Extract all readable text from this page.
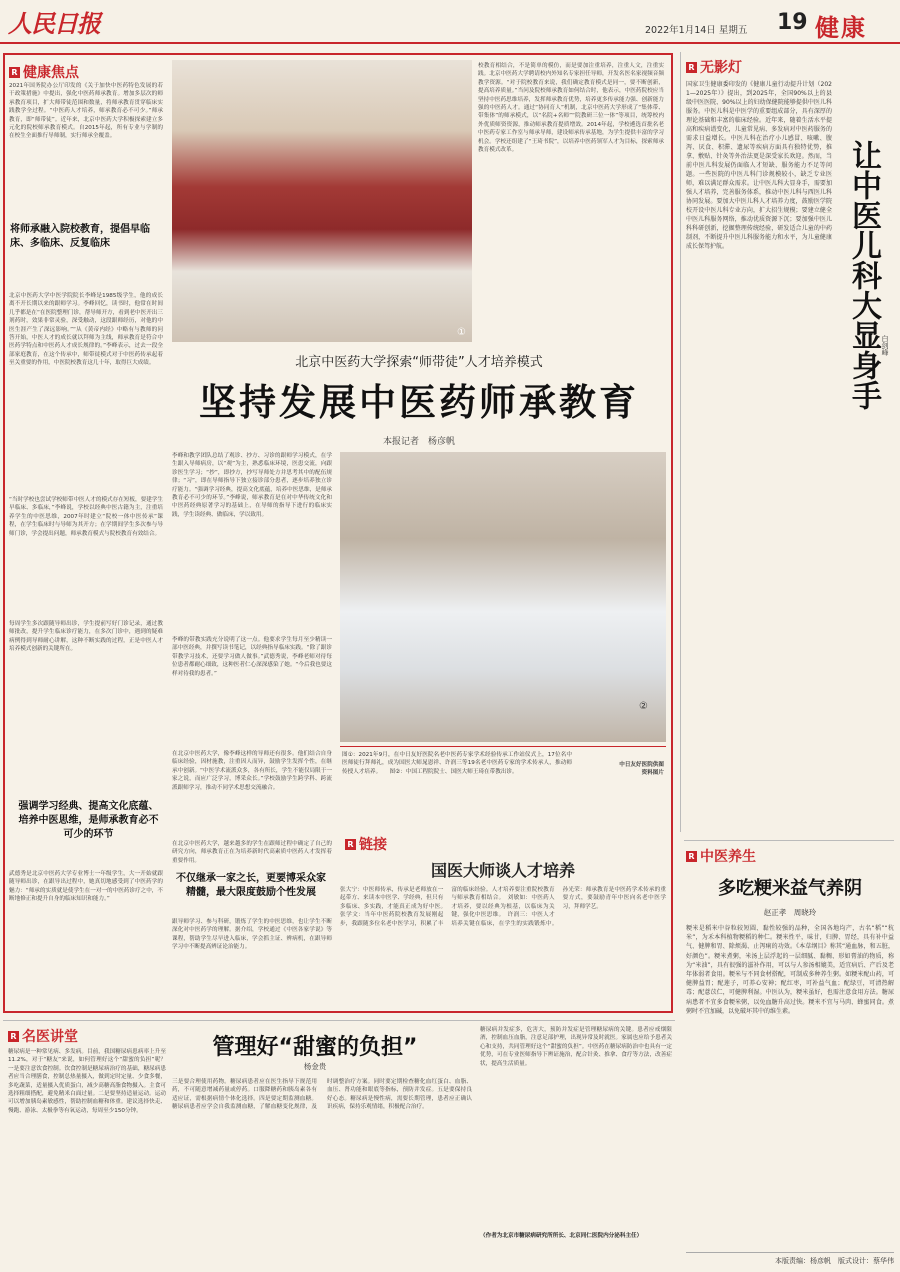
人民日报	2022年1月14日 星期五 19 健康
R 健康焦点
2021年国务院办公厅印发的《关于加快中医药特色发展的若干政策措施》中提出，强化中医药师承教育。增加多层次的师承教育项目，扩大师带徒范围和数量，将师承教育贯穿临床实践教学全过程。“中医药人才培养，师承教育必不可少。”师承教育，即“师带徒”。近年来，北京中医药大学积极探索建立多元化的院校师承教育模式。自2015年起，所有专业与学制的在校生全面推行导师制，实行师承全覆盖。
将师承融入院校教育，提倡早临床、多临床、反复临床
北京中医药大学中医学院院长李峰是1985级学生，他的成长离不开长期以来的跟师学习。李峰回忆，读书时，他常在时间几乎都是在“在医院整理门诊，帮导师开方，看到老中医开出三剂药时，效果非常灵验，深受触动，这段跟师经历，对他的中医生涯产生了深远影响。”“从《黄帝内经》中略有与教师的问答开始，中医人才的成长就以拜师为主线，师承教育是符合中医药学特点和中医药人才成长规律的。”李峰表示，过去一段全部家庭教育，在这个传承中，师带徒模式对于中医药传承起着至关重要的作用，中医院校教育这几十年，取得巨大成绩。
“当时学校也尝试学校师带中医人才的模式存在短板，要建学生早临床、多临床，”李峰说，学校以经典中医古籍为主，注重培养学生的中医思维，2007年时建立“院校一体中医传承”课程，在学生临床时与导师为其开方；在学期间学生多次参与导师门诊，学会提出问题，师承教育模式与院校教育有效结合。
每周学生多次跟随导师出诊，学生提前写好门诊记录，通过教师批改，提升学生临床诊疗能力，在多次门诊中，遇到的疑难病例得到导师耐心讲解，这种不断实践的过程，正是中医人才培养模式创新的关键所在。
强调学习经典、提高文化底蕴、培养中医思维，是师承教育必不可少的环节
武德秀是北京中医药大学专业博士一年级学生，大一开始就跟随导师出诊，在跟导出过程中，她真切地感受到了中医药学的魅力：“师承的实质就是使学生在一对一的中医药诊疗之中，不断地修正和提升自身的临床知识和能力。”
①
校教育相结合，不是简单的模仿，而是要加注重培养，注重人文，注重实践。北京中医药大学聘请校内外知名专家担任导师，开发名医名家视频音频教学资源。“对于院校教育来说，我们确定教育模式是同一，要不断创新，提高培养质量。”当问及院校师承教育如何结合时，他表示，中医药院校应当坚持中医药思维培养，发挥师承教育优势，培养更多传承能力强、创新能力强的中医药人才。通过“协同育人”机制，北京中医药大学形成了“集体带、带集体”的师承模式，以“名院+名师”“院教研三位一体”等项目，统筹校内外优质师资资源，推动师承教育提质增效。2014年起，学校遴选首批名老中医药专家工作室与师承导师，建设师承传承基地，为学生提供丰富的学习机会。学校还组建了“王琦书院”，以培养中医药领军人才为目标，探索师承教育模式改革。
北京中医药大学探索“师带徒”人才培养模式
坚持发展中医药师承教育
本报记者　杨彦帆
李峰和教学团队总结了观诊、抄方、习诊的跟师学习模式，在学生跟入导师病房，以“观”为主，熟悉临床环境，医患交流，向跟诊医生学习；“抄”，即抄方，抄写导师处方并思考其中的配伍规律；“习”，即在导师指导下独立接诊部分患者，逐步培养独立诊疗能力。“强调学习经典，提高文化底蕴，培养中医思维，是师承教育必不可少的环节。”李峰说，师承教育是在对中华传统文化和中医药经典原著学习的基础上，在导师的指导下进行的临床实践，学生读经典、做临床，学以致用。
李峰的带教实践充分说明了这一点。他要求学生每月至少精读一部中医经典，并撰写读书笔记，以经典指导临床实践。“除了跟诊带教学习技术，还要学习做人做事。”武德秀说，李峰老师对待每位患者都耐心细致，这种医者仁心深深感染了她。“今后我也要这样对待我的患者。”
在北京中医药大学，像李峰这样的导师还有很多。他们结合自身临床经验，因材施教，注重因人而异，鼓励学生发挥个性，在继承中创新。“中医学术流派众多，各有所长，学生不能仅局限于一家之说，而应广泛学习，博采众长。”学校鼓励学生跨学科、跨流派跟师学习，推动不同学术思想交流融合。
在北京中医药大学，越来越多的学生在跟师过程中确定了自己的研究方向，师承教育正在为培养新时代高素质中医药人才发挥着重要作用。
不仅继承一家之长，更要博采众家精髓，最大限度鼓励个性发展
跟导师学习、参与科研，锻炼了学生的中医思维，也让学生不断深化对中医药学的理解。据介绍，学校通过《中医各家学说》等课程，帮助学生尽早进入临床，学会抓主证、辨病机，在跟导师学习中不断提高辨证论治能力。
②
图①：2021年9月，在中日友好医院名老中医药专家学术经验传承工作站仪式上，17位名中医师徒行拜师礼，成为国医大师晁恩祥、许润三等19名老中医药专家的学术传承人，推动师传授人才培养。　　图②：中国工程院院士、国医大师王琦在带教出诊。
中日友好医院供图
资料图片
R 链接
国医大师谈人才培养
张大宁：中医师传承，传承是老师放在一起带方、来读本中医学、学经典，但只有多临床、多实践，才能真正成为好中医。　张学文：当年中医药院校教育发展刚起步，我跟随多位名老中医学习，积累了丰富的临床经验。人才培养要注重院校教育与师承教育相结合。　刘敏如：中医药人才培养，要以经典为根基，以临床为关键，强化中医思维。　许润三：中医人才培养关键在临床，在学生的实践锻炼中。　孙光荣：师承教育是中医药学术传承的重要方式，要鼓励青年中医向名老中医学习，拜师学艺。
R 无影灯
国家卫生健康委印发的《健康儿童行动提升计划（2021—2025年）》提出，到2025年，全国90%以上的县级中医医院、90%以上的妇幼保健院能够提供中医儿科服务。中医儿科是中医学的重要组成部分，具有深厚的理论基础和丰富的临床经验。近年来，随着生活水平提高和疾病谱变化，儿童常见病、多发病对中医药服务的需求日益增长。中医儿科在治疗小儿感冒、咳嗽、腹泻、厌食、积滞、遗尿等疾病方面具有独特优势，推拿、敷贴、针灸等外治法更是深受家长欢迎。然而，当前中医儿科发展仍面临人才短缺、服务能力不足等问题。一些医院的中医儿科门诊规模较小，缺乏专业医师，难以满足群众需求。让中医儿科大显身手，需要加强人才培养，完善服务体系，推动中医儿科与西医儿科协同发展。要加大中医儿科人才培养力度，鼓励医学院校开设中医儿科专业方向，扩大招生规模；要建立健全中医儿科服务网络，推动优质资源下沉；要加强中医儿科科研创新，挖掘整理传统经验，研发适合儿童的中药制剂，不断提升中医儿科服务能力和水平，为儿童健康成长保驾护航。	让中医儿科大显身手 白剑峰
R 中医养生
多吃粳米益气养阴
赵正孝　周晓玲
粳米是稻米中谷粒较短圆、黏性较强的品种，全国各地均产，古名“稻”“秔米”，为禾本科植物粳稻的种仁。粳米性平，味甘，归脾、胃经，具有补中益气、健脾和胃、除烦渴、止泻痢的功效。《本草纲目》称其“通血脉，和五脏，好颜色”。粳米煮粥，米汤上层浮起的一层细腻、黏稠、形如膏油的物质，称为“米油”，具有很强的滋补作用，可以与人参汤相媲美，适宜病后、产后及老年体弱者食用。粳米与不同食材搭配，可制成多种养生粥。如粳米配山药，可健脾益胃；配莲子，可养心安神；配红枣，可补益气血；配绿豆，可清热解毒；配薏苡仁，可健脾利湿。中医认为，粳米虽好，也需注意食用方法。糖尿病患者不宜多食粳米粥，以免血糖升高过快。粳米不宜与马肉、蜂蜜同食。煮粥时不宜加碱，以免破坏其中的维生素。
本版责编：杨彦帆　版式设计：蔡华伟
R 名医讲堂	管理好“甜蜜的负担”
杨金贵
糖尿病是一种常见病、多发病。目前，我国糖尿病患病率上升至11.2%，对于“糖友”来说，如何管理好这个“甜蜜的负担”呢？一是要注意饮食控制。饮食控制是糖尿病治疗的基础，糖尿病患者应当合理膳食，控制总热量摄入，做到定时定量、少食多餐，多吃蔬菜，适量摄入优质蛋白，减少高糖高脂食物摄入。主食可选择粗细搭配，避免精米白面过量。二是要坚持适量运动。运动可以增加胰岛素敏感性，帮助控制血糖和体重。建议选择快走、慢跑、游泳、太极拳等有氧运动，每周至少150分钟。
三是要合理使用药物。糖尿病患者应在医生指导下规范用药，不可随意增减药量或停药。口服降糖药和胰岛素各有适应证，需根据病情个体化选择。四是要定期监测血糖。糖尿病患者应学会自我监测血糖，了解血糖变化规律，及时调整治疗方案。同时要定期检查糖化血红蛋白、血脂、血压、肾功能和眼底等指标，预防并发症。五是要保持良好心态。糖尿病是慢性病，需要长期管理，患者应正确认识疾病，保持乐观情绪，积极配合治疗。
糖尿病并发症多，危害大，预防并发症是管理糖尿病的关键。患者应戒烟限酒，控制血压血脂，注意足部护理，出现异常及时就医。家属也应给予患者关心和支持，共同管理好这个“甜蜜的负担”。中医药在糖尿病防治中也具有一定优势，可在专业医师指导下辨证施治，配合针灸、推拿、食疗等方法，改善症状，提高生活质量。
（作者为北京市糖尿病研究所所长、北京同仁医院内分泌科主任）
